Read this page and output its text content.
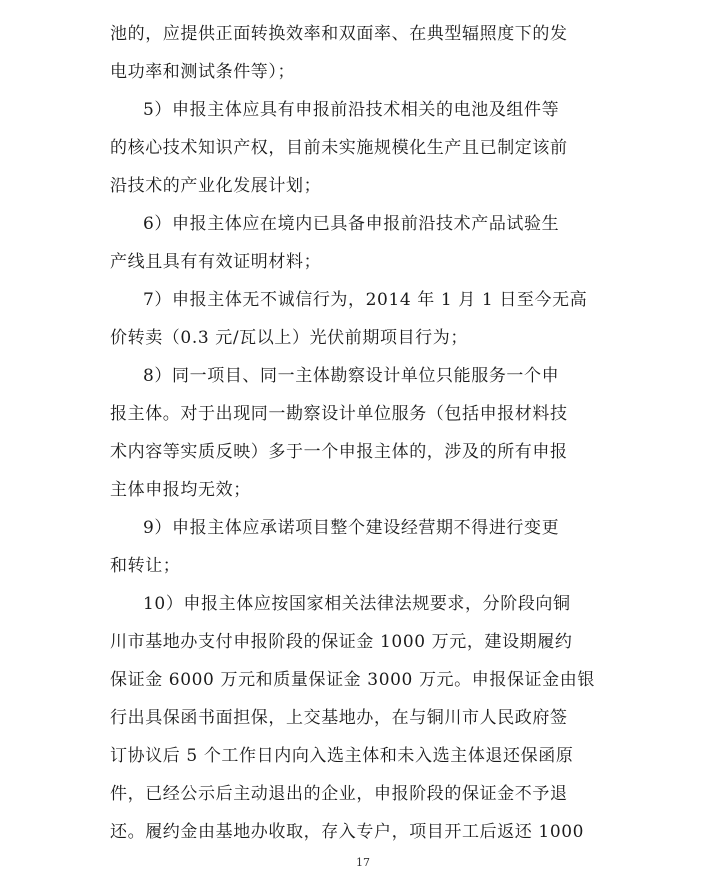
池的，应提供正面转换效率和双面率、在典型辐照度下的发
电功率和测试条件等）；
5）申报主体应具有申报前沿技术相关的电池及组件等
的核心技术知识产权，目前未实施规模化生产且已制定该前
沿技术的产业化发展计划；
6）申报主体应在境内已具备申报前沿技术产品试验生
产线且具有有效证明材料；
7）申报主体无不诚信行为，2014 年 1 月 1 日至今无高
价转卖（0.3 元/瓦以上）光伏前期项目行为；
8）同一项目、同一主体勘察设计单位只能服务一个申
报主体。对于出现同一勘察设计单位服务（包括申报材料技
术内容等实质反映）多于一个申报主体的，涉及的所有申报
主体申报均无效；
9）申报主体应承诺项目整个建设经营期不得进行变更
和转让；
10）申报主体应按国家相关法律法规要求，分阶段向铜
川市基地办支付申报阶段的保证金 1000 万元，建设期履约
保证金 6000 万元和质量保证金 3000 万元。申报保证金由银
行出具保函书面担保，上交基地办，在与铜川市人民政府签
订协议后 5 个工作日内向入选主体和未入选主体退还保函原
件，已经公示后主动退出的企业，申报阶段的保证金不予退
还。履约金由基地办收取，存入专户，项目开工后返还 1000
17
